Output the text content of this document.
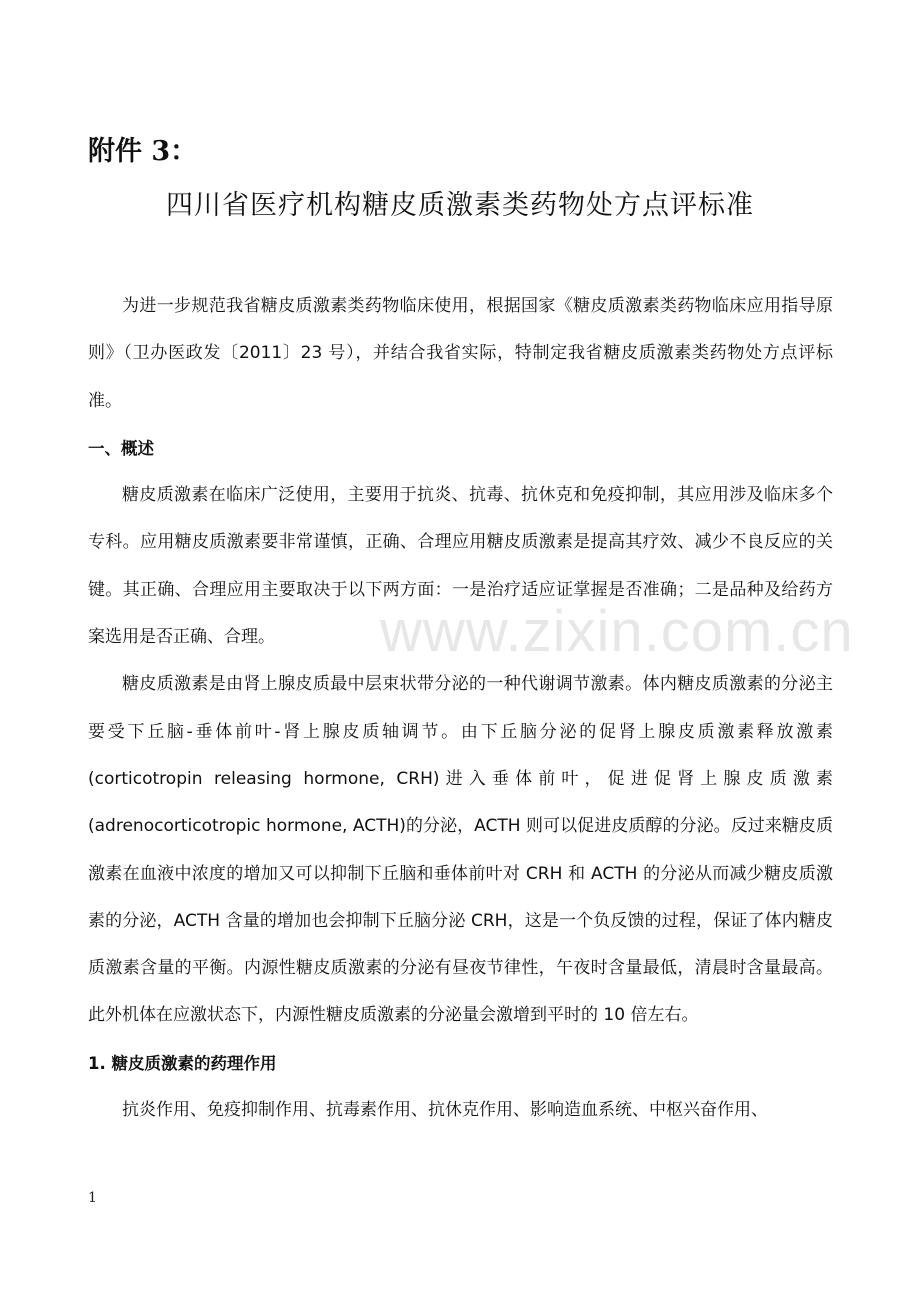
附件 3：
四川省医疗机构糖皮质激素类药物处方点评标准

为进一步规范我省糖皮质激素类药物临床使用，根据国家《糖皮质激素类药物临床应用指导原则》（卫办医政发〔2011〕23 号），并结合我省实际，特制定我省糖皮质激素类药物处方点评标准。

一、概述

糖皮质激素在临床广泛使用，主要用于抗炎、抗毒、抗休克和免疫抑制，其应用涉及临床多个专科。应用糖皮质激素要非常谨慎，正确、合理应用糖皮质激素是提高其疗效、减少不良反应的关键。其正确、合理应用主要取决于以下两方面：一是治疗适应证掌握是否准确；二是品种及给药方案选用是否正确、合理。

糖皮质激素是由肾上腺皮质最中层束状带分泌的一种代谢调节激素。体内糖皮质激素的分泌主要受下丘脑-垂体前叶-肾上腺皮质轴调节。由下丘脑分泌的促肾上腺皮质激素释放激素(corticotropin releasing hormone, CRH)进入垂体前叶，促进促肾上腺皮质激素(adrenocorticotropic hormone, ACTH)的分泌，ACTH 则可以促进皮质醇的分泌。反过来糖皮质激素在血液中浓度的增加又可以抑制下丘脑和垂体前叶对 CRH 和 ACTH 的分泌从而减少糖皮质激素的分泌，ACTH 含量的增加也会抑制下丘脑分泌 CRH，这是一个负反馈的过程，保证了体内糖皮质激素含量的平衡。内源性糖皮质激素的分泌有昼夜节律性，午夜时含量最低，清晨时含量最高。此外机体在应激状态下，内源性糖皮质激素的分泌量会激增到平时的 10 倍左右。

1. 糖皮质激素的药理作用

抗炎作用、免疫抑制作用、抗毒素作用、抗休克作用、影响造血系统、中枢兴奋作用、

www.zixin.com.cn
1
